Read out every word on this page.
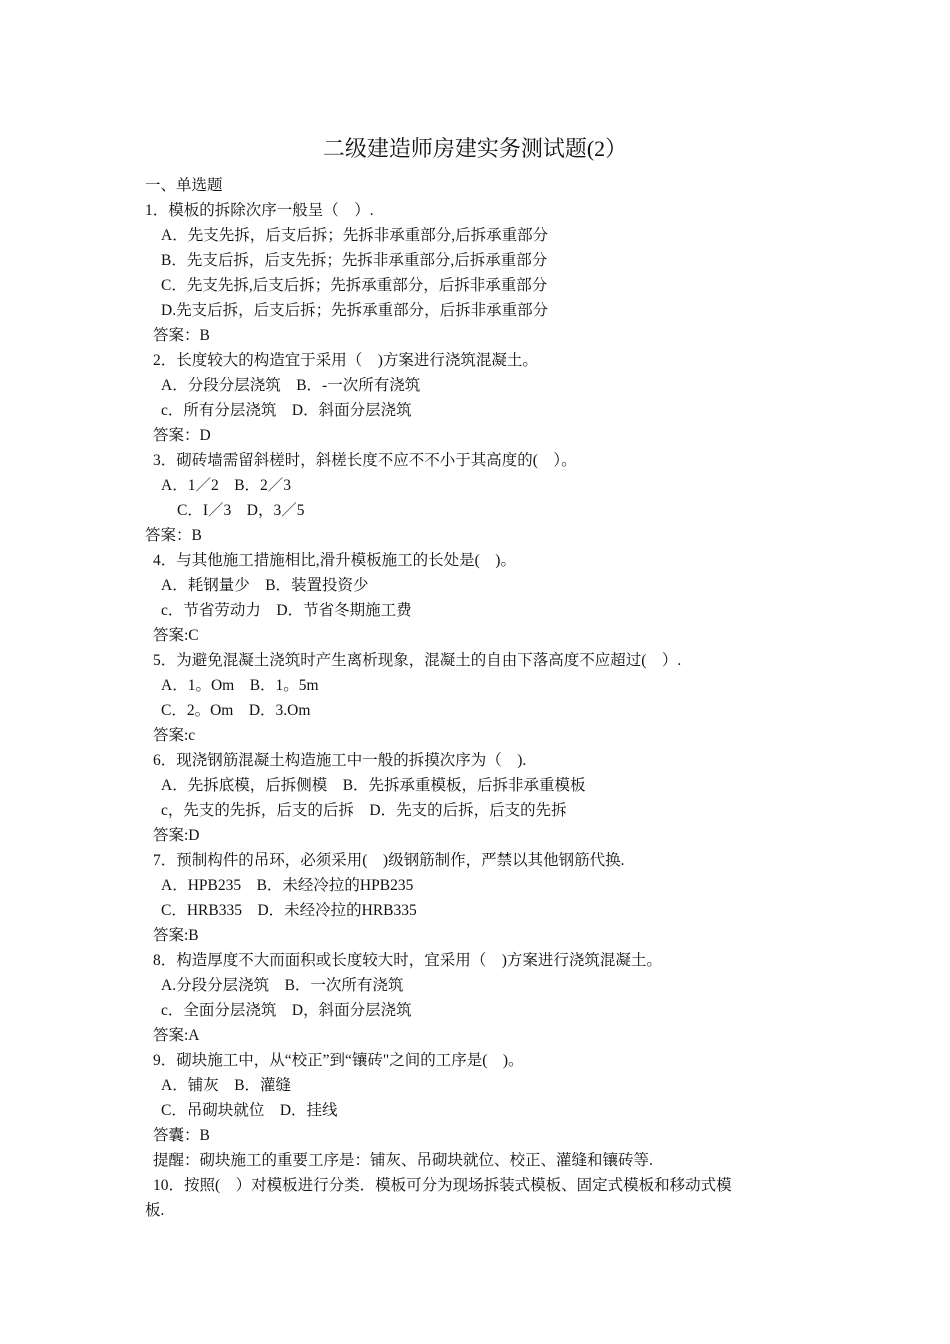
二级建造师房建实务测试题(2）
一、单选题
1．模板的拆除次序一般呈（　）.
A．先支先拆，后支后拆；先拆非承重部分,后拆承重部分
B．先支后拆，后支先拆；先拆非承重部分,后拆承重部分
C．先支先拆,后支后拆；先拆承重部分，后拆非承重部分
D.先支后拆，后支后拆；先拆承重部分，后拆非承重部分
答案：B
2．长度较大的构造宜于采用（　)方案进行浇筑混凝土。
A．分段分层浇筑　B．-一次所有浇筑
c．所有分层浇筑　D．斜面分层浇筑
答案：D
3．砌砖墙需留斜槎时，斜槎长度不应不不小于其高度的(　）。
A．1／2　B．2／3
C．I／3　D，3／5
答案：B
4．与其他施工措施相比,滑升模板施工的长处是(　)。
A．耗钢量少　B．装置投资少
c．节省劳动力　D．节省冬期施工费
答案:C
5．为避免混凝土浇筑时产生离析现象，混凝土的自由下落高度不应超过(　）.
A．1。Om　B．1。5m
C．2。Om　D．3.Om
答案:c
6．现浇钢筋混凝土构造施工中一般的拆摸次序为（　).
A．先拆底模，后拆侧模　B．先拆承重模板，后拆非承重模板
c，先支的先拆，后支的后拆　D．先支的后拆，后支的先拆
答案:D
7．预制构件的吊环，必须采用(　)级钢筋制作，严禁以其他钢筋代换.
A．HPB235　B．未经冷拉的HPB235
C．HRB335　D．未经冷拉的HRB335
答案:B
8．构造厚度不大而面积或长度较大时，宜采用（　)方案进行浇筑混凝土。
A.分段分层浇筑　B．一次所有浇筑
c．全面分层浇筑　D，斜面分层浇筑
答案:A
9．砌块施工中，从“校正”到“镶砖"之间的工序是(　)。
A．铺灰　B．灌缝
C．吊砌块就位　D．挂线
答囊：B
提醒：砌块施工的重要工序是：铺灰、吊砌块就位、校正、灌缝和镶砖等.
10．按照(　）对模板进行分类．模板可分为现场拆装式模板、固定式模板和移动式模
板.
